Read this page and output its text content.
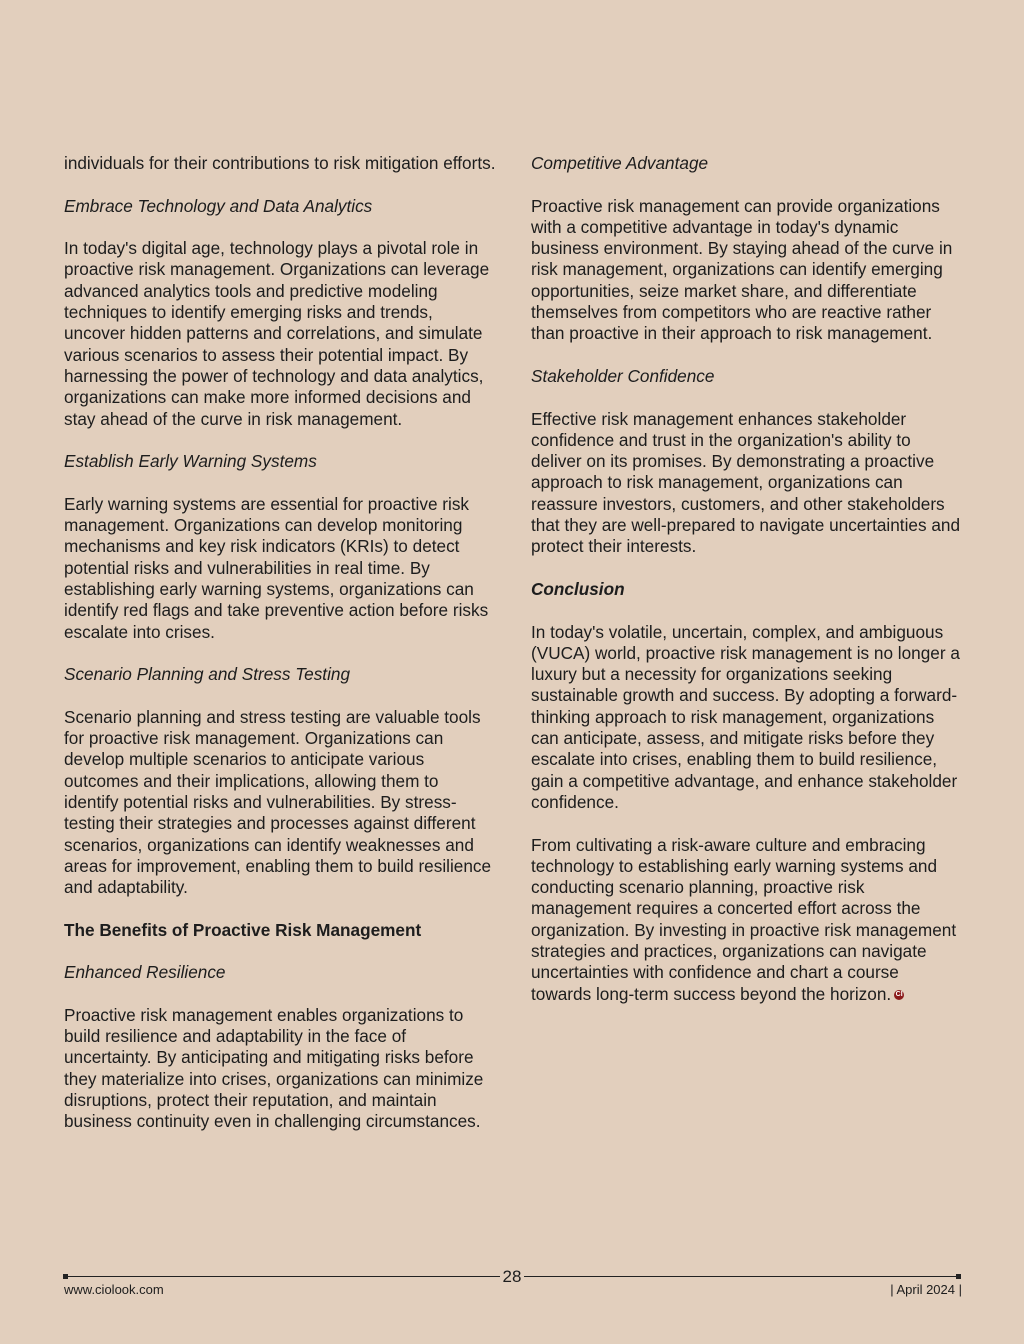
individuals for their contributions to risk mitigation efforts.

Embrace Technology and Data Analytics

In today's digital age, technology plays a pivotal role in proactive risk management. Organizations can leverage advanced analytics tools and predictive modeling techniques to identify emerging risks and trends, uncover hidden patterns and correlations, and simulate various scenarios to assess their potential impact. By harnessing the power of technology and data analytics, organizations can make more informed decisions and stay ahead of the curve in risk management.

Establish Early Warning Systems

Early warning systems are essential for proactive risk management. Organizations can develop monitoring mechanisms and key risk indicators (KRIs) to detect potential risks and vulnerabilities in real time. By establishing early warning systems, organizations can identify red flags and take preventive action before risks escalate into crises.

Scenario Planning and Stress Testing

Scenario planning and stress testing are valuable tools for proactive risk management. Organizations can develop multiple scenarios to anticipate various outcomes and their implications, allowing them to identify potential risks and vulnerabilities. By stress-testing their strategies and processes against different scenarios, organizations can identify weaknesses and areas for improvement, enabling them to build resilience and adaptability.

The Benefits of Proactive Risk Management

Enhanced Resilience

Proactive risk management enables organizations to build resilience and adaptability in the face of uncertainty. By anticipating and mitigating risks before they materialize into crises, organizations can minimize disruptions, protect their reputation, and maintain business continuity even in challenging circumstances.

Competitive Advantage

Proactive risk management can provide organizations with a competitive advantage in today's dynamic business environment. By staying ahead of the curve in risk management, organizations can identify emerging opportunities, seize market share, and differentiate themselves from competitors who are reactive rather than proactive in their approach to risk management.

Stakeholder Confidence

Effective risk management enhances stakeholder confidence and trust in the organization's ability to deliver on its promises. By demonstrating a proactive approach to risk management, organizations can reassure investors, customers, and other stakeholders that they are well-prepared to navigate uncertainties and protect their interests.

Conclusion

In today's volatile, uncertain, complex, and ambiguous (VUCA) world, proactive risk management is no longer a luxury but a necessity for organizations seeking sustainable growth and success. By adopting a forward-thinking approach to risk management, organizations can anticipate, assess, and mitigate risks before they escalate into crises, enabling them to build resilience, gain a competitive advantage, and enhance stakeholder confidence.

From cultivating a risk-aware culture and embracing technology to establishing early warning systems and conducting scenario planning, proactive risk management requires a concerted effort across the organization. By investing in proactive risk management strategies and practices, organizations can navigate uncertainties with confidence and chart a course towards long-term success beyond the horizon. CI

28
www.ciolook.com	| April 2024 |
